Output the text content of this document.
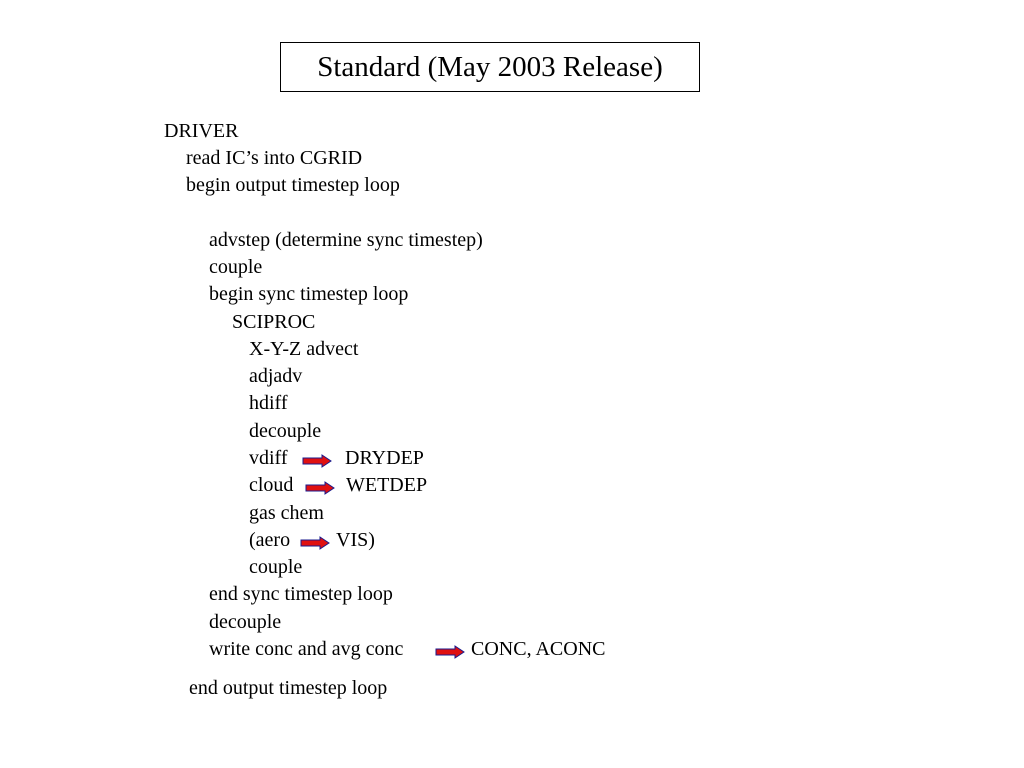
Standard (May 2003 Release)
DRIVER
read IC’s into CGRID
begin output timestep loop
advstep (determine sync timestep)
couple
begin sync timestep loop
SCIPROC
X-Y-Z advect
adjadv
hdiff
decouple
vdiff	DRYDEP
cloud	WETDEP
gas chem
(aero VIS)
couple
end sync timestep loop
decouple
write conc and avg conc	CONC, ACONC
end output timestep loop
